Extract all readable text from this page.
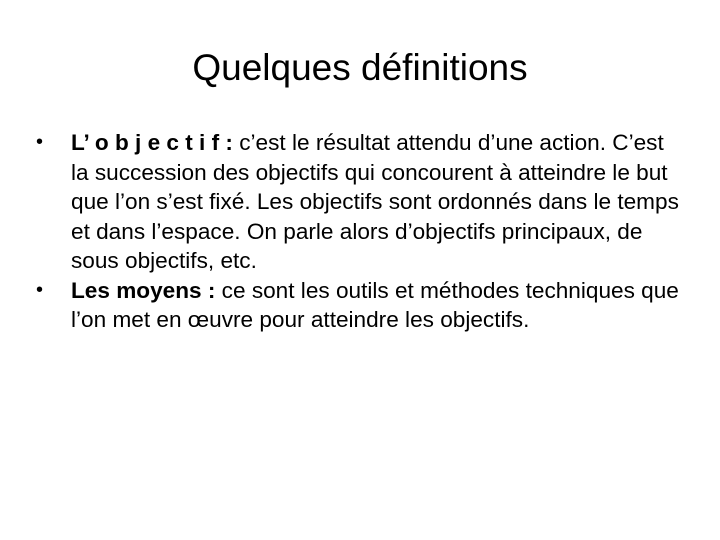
Quelques définitions
•	L’ o b j e c t i f : c’est le résultat attendu d’une action. C’est la succession des objectifs qui concourent à atteindre le but que l’on s’est fixé. Les objectifs sont ordonnés dans le temps et dans l’espace. On parle alors d’objectifs principaux, de sous objectifs, etc.
•	Les moyens : ce sont les outils et méthodes techniques que l’on met en œuvre pour atteindre les objectifs.
